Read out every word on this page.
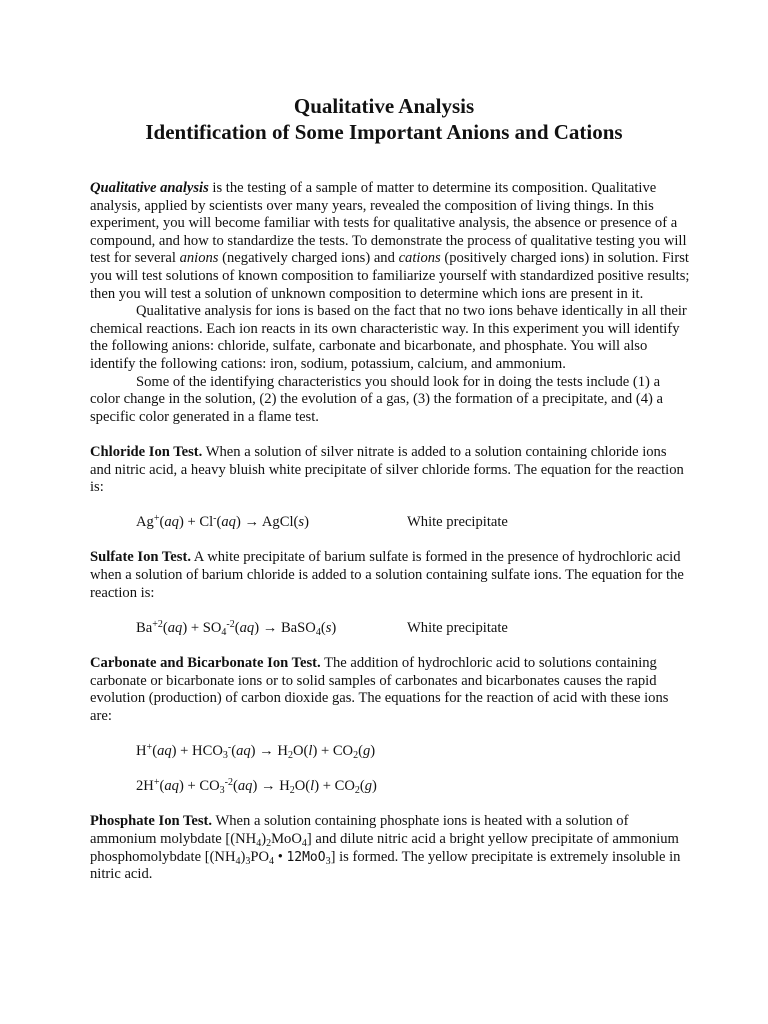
Qualitative Analysis
Identification of Some Important Anions and Cations

Qualitative analysis is the testing of a sample of matter to determine its composition. Qualitative analysis, applied by scientists over many years, revealed the composition of living things. In this experiment, you will become familiar with tests for qualitative analysis, the absence or presence of a compound, and how to standardize the tests. To demonstrate the process of qualitative testing you will test for several anions (negatively charged ions) and cations (positively charged ions) in solution. First you will test solutions of known composition to familiarize yourself with standardized positive results; then you will test a solution of unknown composition to determine which ions are present in it.

Qualitative analysis for ions is based on the fact that no two ions behave identically in all their chemical reactions. Each ion reacts in its own characteristic way. In this experiment you will identify the following anions: chloride, sulfate, carbonate and bicarbonate, and phosphate. You will also identify the following cations: iron, sodium, potassium, calcium, and ammonium.

Some of the identifying characteristics you should look for in doing the tests include (1) a color change in the solution, (2) the evolution of a gas, (3) the formation of a precipitate, and (4) a specific color generated in a flame test.

Chloride Ion Test. When a solution of silver nitrate is added to a solution containing chloride ions and nitric acid, a heavy bluish white precipitate of silver chloride forms. The equation for the reaction is:

Ag+(aq) + Cl-(aq) → AgCl(s)	White precipitate

Sulfate Ion Test. A white precipitate of barium sulfate is formed in the presence of hydrochloric acid when a solution of barium chloride is added to a solution containing sulfate ions. The equation for the reaction is:

$Ba^{+2}(aq) + SO_4^{-2}(aq)$ → BaSO$_4$(s)	White precipitate

Carbonate and Bicarbonate Ion Test. The addition of hydrochloric acid to solutions containing carbonate or bicarbonate ions or to solid samples of carbonates and bicarbonates causes the rapid evolution (production) of carbon dioxide gas. The equations for the reaction of acid with these ions are:

$H^+(aq) + HCO_3^-(aq) \to H_2O(l) + CO_2(g)$
$2H^+(aq) + CO_3^{-2}(aq) \to H_2O(l) + CO_2(g)$

Phosphate Ion Test. When a solution containing phosphate ions is heated with a solution of ammonium molybdate $[(NH_4)_2MoO_4]$ and dilute nitric acid a bright yellow precipitate of ammonium phosphomolybdate [$(NH_4)_3PO_4$ • 12MoO$_3$] is formed. The yellow precipitate is extremely insoluble in nitric acid.
